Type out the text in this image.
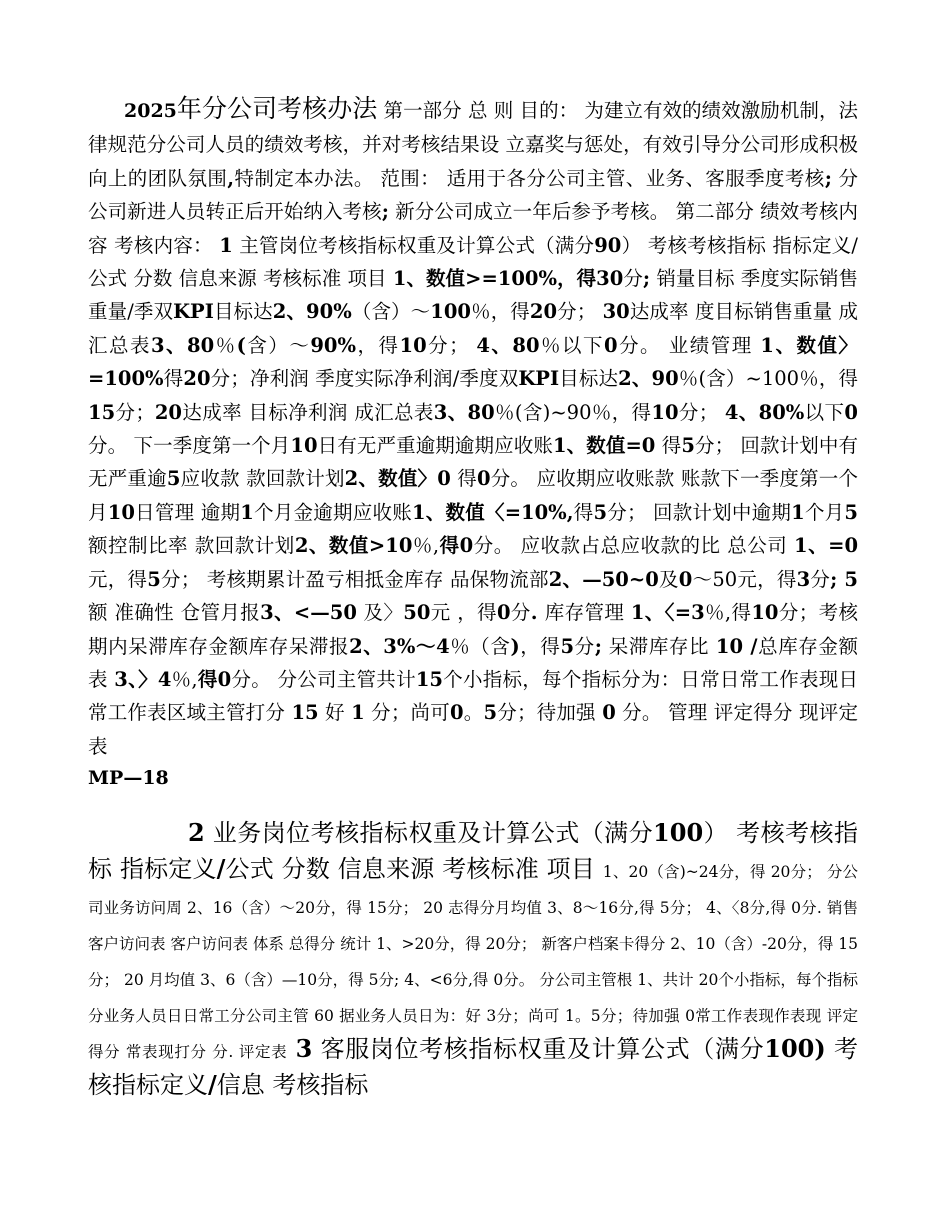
2025年分公司考核办法 第一部分 总 则 目的： 为建立有效的绩效激励机制，法律规范分公司人员的绩效考核，并对考核结果设 立嘉奖与惩处，有效引导分公司形成积极向上的团队氛围,特制定本办法。 范围： 适用于各分公司主管、业务、客服季度考核; 分公司新进人员转正后开始纳入考核; 新分公司成立一年后参予考核。 第二部分 绩效考核内容 考核内容： 1 主管岗位考核指标权重及计算公式（满分90） 考核考核指标 指标定义/公式 分数 信息来源 考核标准 项目 1、数值>=100%，得30分; 销量目标 季度实际销售重量/季双KPI目标达2、90%（含）～100％，得20分； 30达成率 度目标销售重量 成汇总表3、80％(含）～90%，得10分； 4、80％以下0分。 业绩管理 1、数值〉=100%得20分；净利润 季度实际净利润/季度双KPI目标达2、90％(含）~100％，得15分；20达成率 目标净利润 成汇总表3、80％(含)~90％，得10分； 4、80%以下0分。 下一季度第一个月10日有无严重逾期逾期应收账1、数值=0 得5分； 回款计划中有无严重逾5应收款 款回款计划2、数值〉0 得0分。 应收期应收账款 账款下一季度第一个月10日管理 逾期1个月金逾期应收账1、数值〈=10%,得5分； 回款计划中逾期1个月5额控制比率 款回款计划2、数值>10％,得0分。 应收款占总应收款的比 总公司 1、=0元，得5分； 考核期累计盈亏相抵金库存 品保物流部2、—50~0及0～50元，得3分; 5 额 准确性 仓管月报3、<—50 及〉50元 ，得0分. 库存管理 1、〈=3％,得10分；考核期内呆滞库存金额库存呆滞报2、3%～4％（含)，得5分; 呆滞库存比 10 /总库存金额 表 3、〉4％,得0分。 分公司主管共计15个小指标，每个指标分为：日常日常工作表现日常工作表区域主管打分 15 好 1 分；尚可0。5分；待加强 0 分。 管理 评定得分 现评定表

MP—18

2 业务岗位考核指标权重及计算公式（满分100） 考核考核指标 指标定义/公式 分数 信息来源 考核标准 项目 1、20（含)~24分，得 20分； 分公司业务访问周 2、16（含）～20分，得 15分； 20 志得分月均值 3、8～16分,得 5分； 4、〈8分,得 0分. 销售 客户访问表 客户访问表 体系 总得分 统计 1、>20分，得 20分； 新客户档案卡得分 2、10（含）-20分，得 15分； 20 月均值 3、6（含）—10分，得 5分; 4、<6分,得 0分。 分公司主管根 1、共计 20个小指标，每个指标分业务人员日日常工分公司主管 60 据业务人员日为：好 3分；尚可 1。5分；待加强 0常工作表现作表现 评定得分 常表现打分 分. 评定表 3 客服岗位考核指标权重及计算公式（满分100) 考核指标定义/信息 考核指标
